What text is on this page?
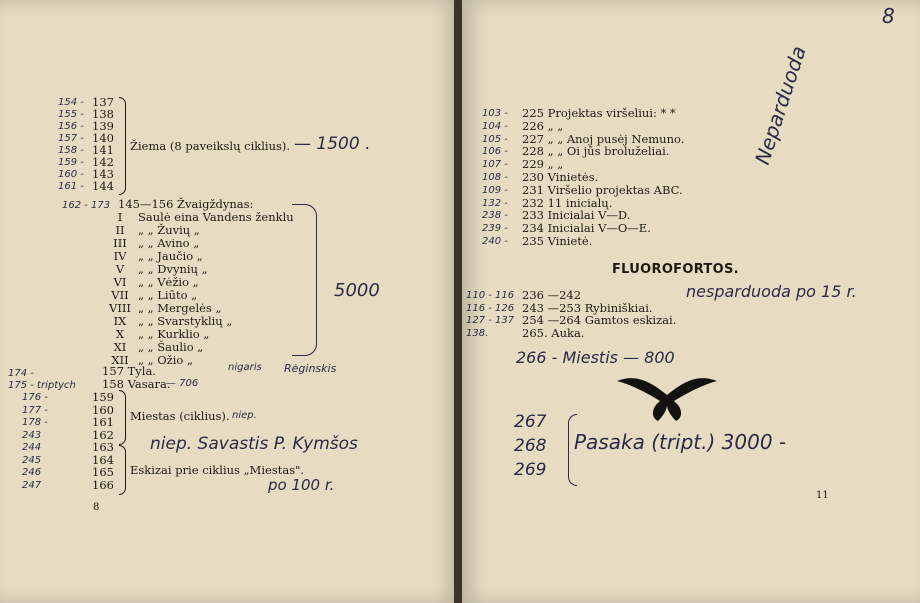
154 - 137
155 - 138
156 - 139
157 - 140
158 - 141
159 - 142
160 - 143
161 - 144
Žiema (8 paveikslų ciklius). — 1500 .
162 - 173 145—156 Žvaigždynas:
I	Saulė eina Vandens ženklu
II	„ „ Žuvių „
III „ „ Avino „
IV	„ „ Jaučio „
V	„ „ Dvynių „
VI	„ „ Vėžio „
VII „ „ Liūto „
VIII „ „ Mergelės „
IX	„ „ Svarstyklių „
X	„ „ Kurklio „
XI	„ „ Šaulio „
XII „ „ Ožio „
5000
174 -	157 Tyla.	nigaris Rėginskis
175 - triptych 158 Vasara.
— 706
176 -	159
177 -	160
178 -	161
243	162
244	163
245	164
246	165
247	166
Miestas (ciklius). niep.
Eskizai prie ciklius „Miestas".
niep. Savastis P. Kymšos
po 100 r.
8
8
103 - 225 Projektas viršeliui: * *
104 - 226 „ „
105 - 227 „ „ Anoj pusėj Nemuno.
106 - 228 „ „ Oi jūs broluželiai.
107 - 229 „ „
108 - 230 Vinietės.
109 - 231 Viršelio projektas ABC.
132 - 232 11 inicialų.
238 - 233 Inicialai V—D.
239 - 234 Inicialai V—O—E.
240 - 235 Vinietė.
Neparduoda
FLUOROFORTOS.
110 - 116 236 —242
116 - 126 243 —253 Rybiniškiai.
127 - 137 254 —264 Gamtos eskizai.
138.	265. Auka.
nesparduoda po 15 r.
266 - Miestis — 800
267
268
269
Pasaka (tript.) 3000 -
11
